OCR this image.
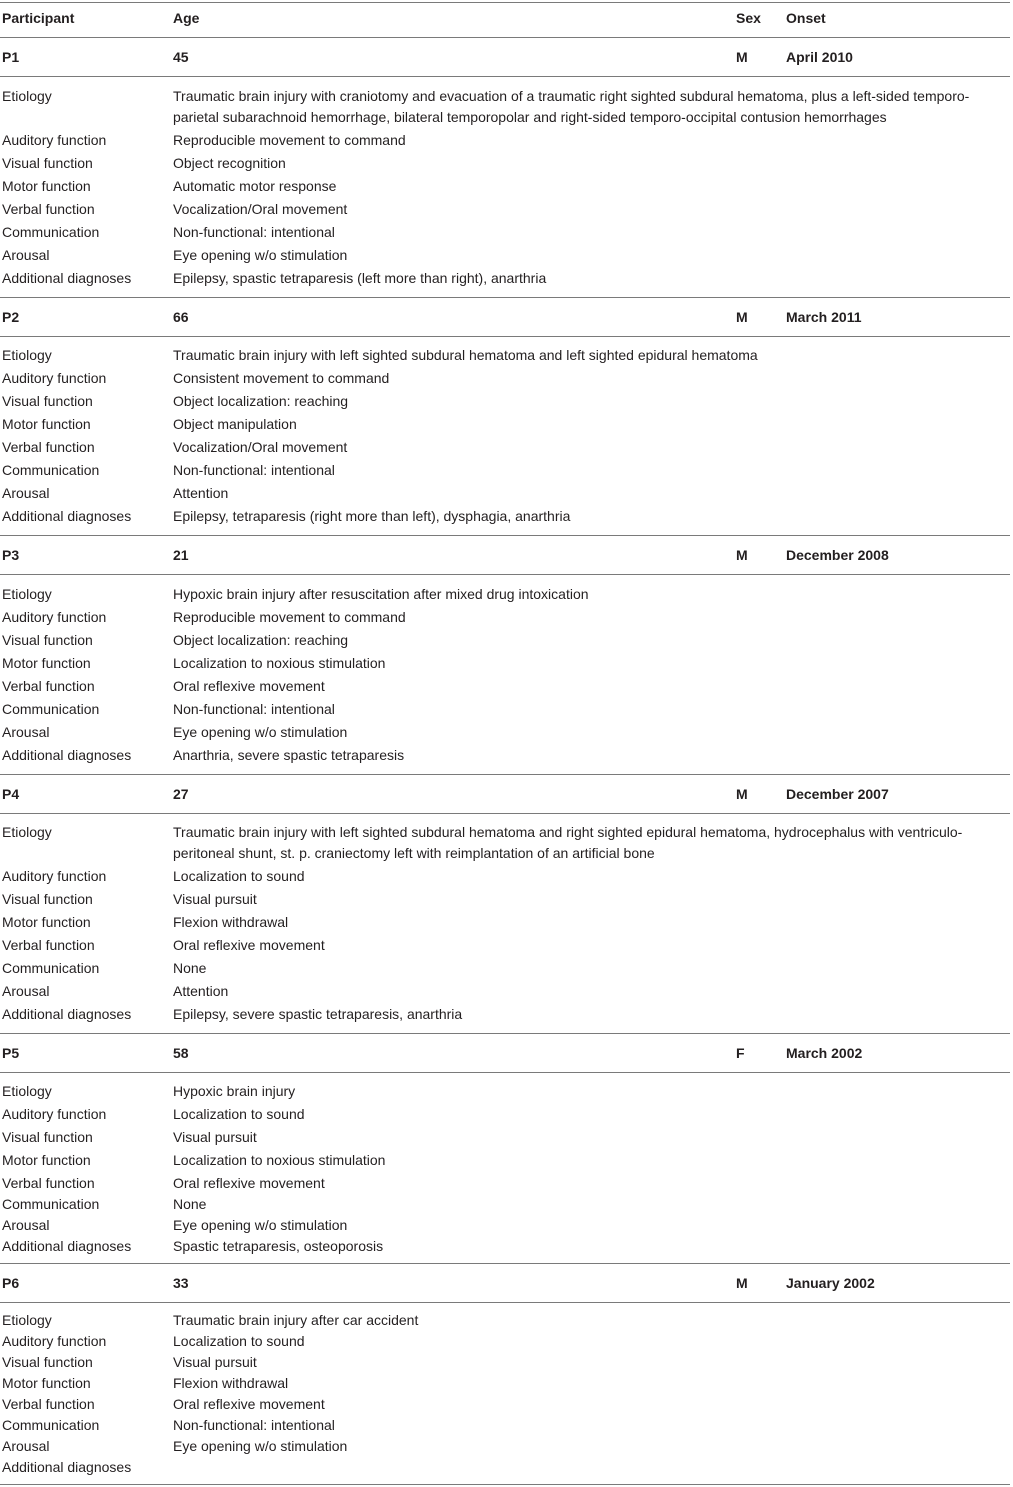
Participant	Age	Sex Onset
P1	45	M	April 2010
Etiology	Traumatic brain injury with craniotomy and evacuation of a traumatic right sighted subdural hematoma, plus a left-sided temporo-parietal subarachnoid hemorrhage, bilateral temporopolar and right-sided temporo-occipital contusion hemorrhages
Auditory function	Reproducible movement to command
Visual function	Object recognition
Motor function	Automatic motor response
Verbal function	Vocalization/Oral movement
Communication	Non-functional: intentional
Arousal	Eye opening w/o stimulation
Additional diagnoses	Epilepsy, spastic tetraparesis (left more than right), anarthria
P2	66	M	March 2011
Etiology	Traumatic brain injury with left sighted subdural hematoma and left sighted epidural hematoma
Auditory function	Consistent movement to command
Visual function	Object localization: reaching
Motor function	Object manipulation
Verbal function	Vocalization/Oral movement
Communication	Non-functional: intentional
Arousal	Attention
Additional diagnoses	Epilepsy, tetraparesis (right more than left), dysphagia, anarthria
P3	21	M	December 2008
Etiology	Hypoxic brain injury after resuscitation after mixed drug intoxication
Auditory function	Reproducible movement to command
Visual function	Object localization: reaching
Motor function	Localization to noxious stimulation
Verbal function	Oral reflexive movement
Communication	Non-functional: intentional
Arousal	Eye opening w/o stimulation
Additional diagnoses	Anarthria, severe spastic tetraparesis
P4	27	M	December 2007
Etiology	Traumatic brain injury with left sighted subdural hematoma and right sighted epidural hematoma, hydrocephalus with ventriculo-peritoneal shunt, st. p. craniectomy left with reimplantation of an artificial bone
Auditory function	Localization to sound
Visual function	Visual pursuit
Motor function	Flexion withdrawal
Verbal function	Oral reflexive movement
Communication	None
Arousal	Attention
Additional diagnoses	Epilepsy, severe spastic tetraparesis, anarthria
P5	58	F	March 2002
Etiology	Hypoxic brain injury
Auditory function	Localization to sound
Visual function	Visual pursuit
Motor function	Localization to noxious stimulation
Verbal function	Oral reflexive movement
Communication	None
Arousal	Eye opening w/o stimulation
Additional diagnoses	Spastic tetraparesis, osteoporosis
P6	33	M	January 2002
Etiology	Traumatic brain injury after car accident
Auditory function	Localization to sound
Visual function	Visual pursuit
Motor function	Flexion withdrawal
Verbal function	Oral reflexive movement
Communication	Non-functional: intentional
Arousal	Eye opening w/o stimulation
Additional diagnoses
